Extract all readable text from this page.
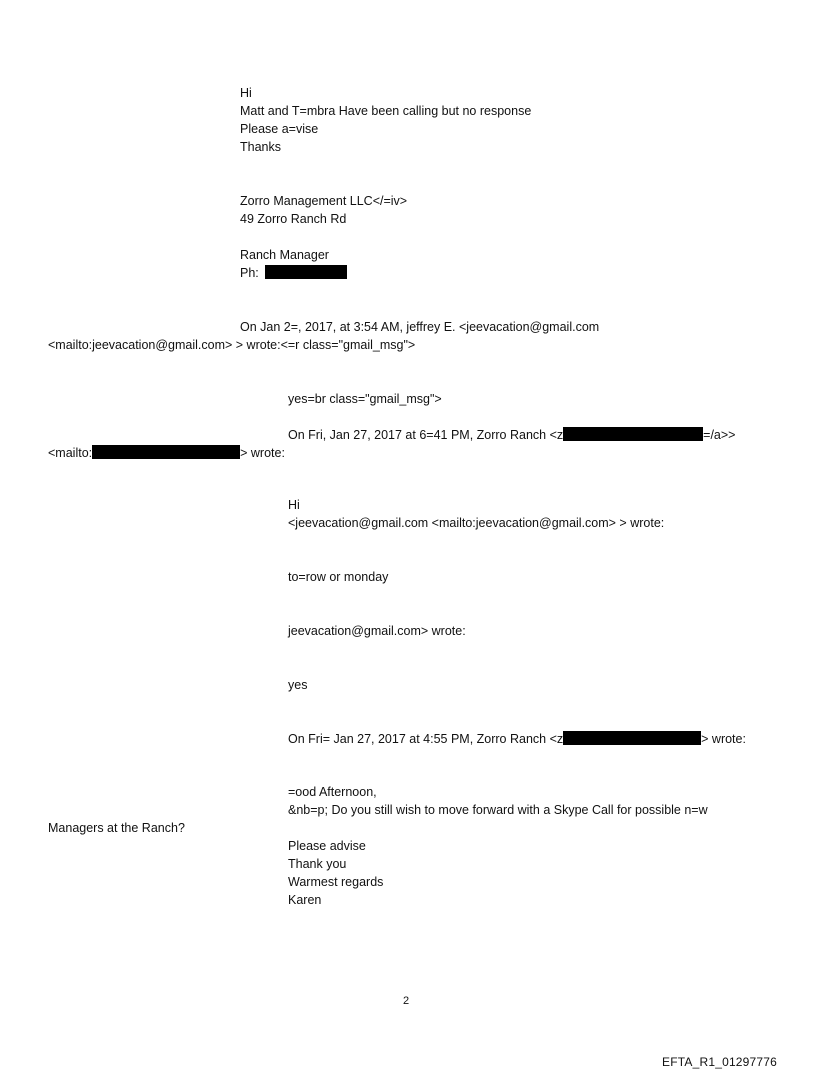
Hi
Matt and T=mbra Have been calling but no response
Please a=vise
Thanks
Zorro Management LLC</=iv>
49 Zorro Ranch Rd
Ranch Manager
Ph:
On Jan 2=, 2017, at 3:54 AM, jeffrey E. <jeevacation@gmail.com
<mailto:jeevacation@gmail.com> > wrote:<=r class="gmail_msg">
yes=br class="gmail_msg">
On Fri, Jan 27, 2017 at 6=41 PM, Zorro Ranch <z	=/a>>
<mailto:	> wrote:
Hi
<jeevacation@gmail.com <mailto:jeevacation@gmail.com> > wrote:
to=row or monday
jeevacation@gmail.com> wrote:
yes
On Fri= Jan 27, 2017 at 4:55 PM, Zorro Ranch <z	> wrote:
=ood Afternoon,
&nb=p; Do you still wish to move forward with a Skype Call for possible n=w
Managers at the Ranch?
Please advise
Thank you
Warmest regards
Karen
2
EFTA_R1_01297776
